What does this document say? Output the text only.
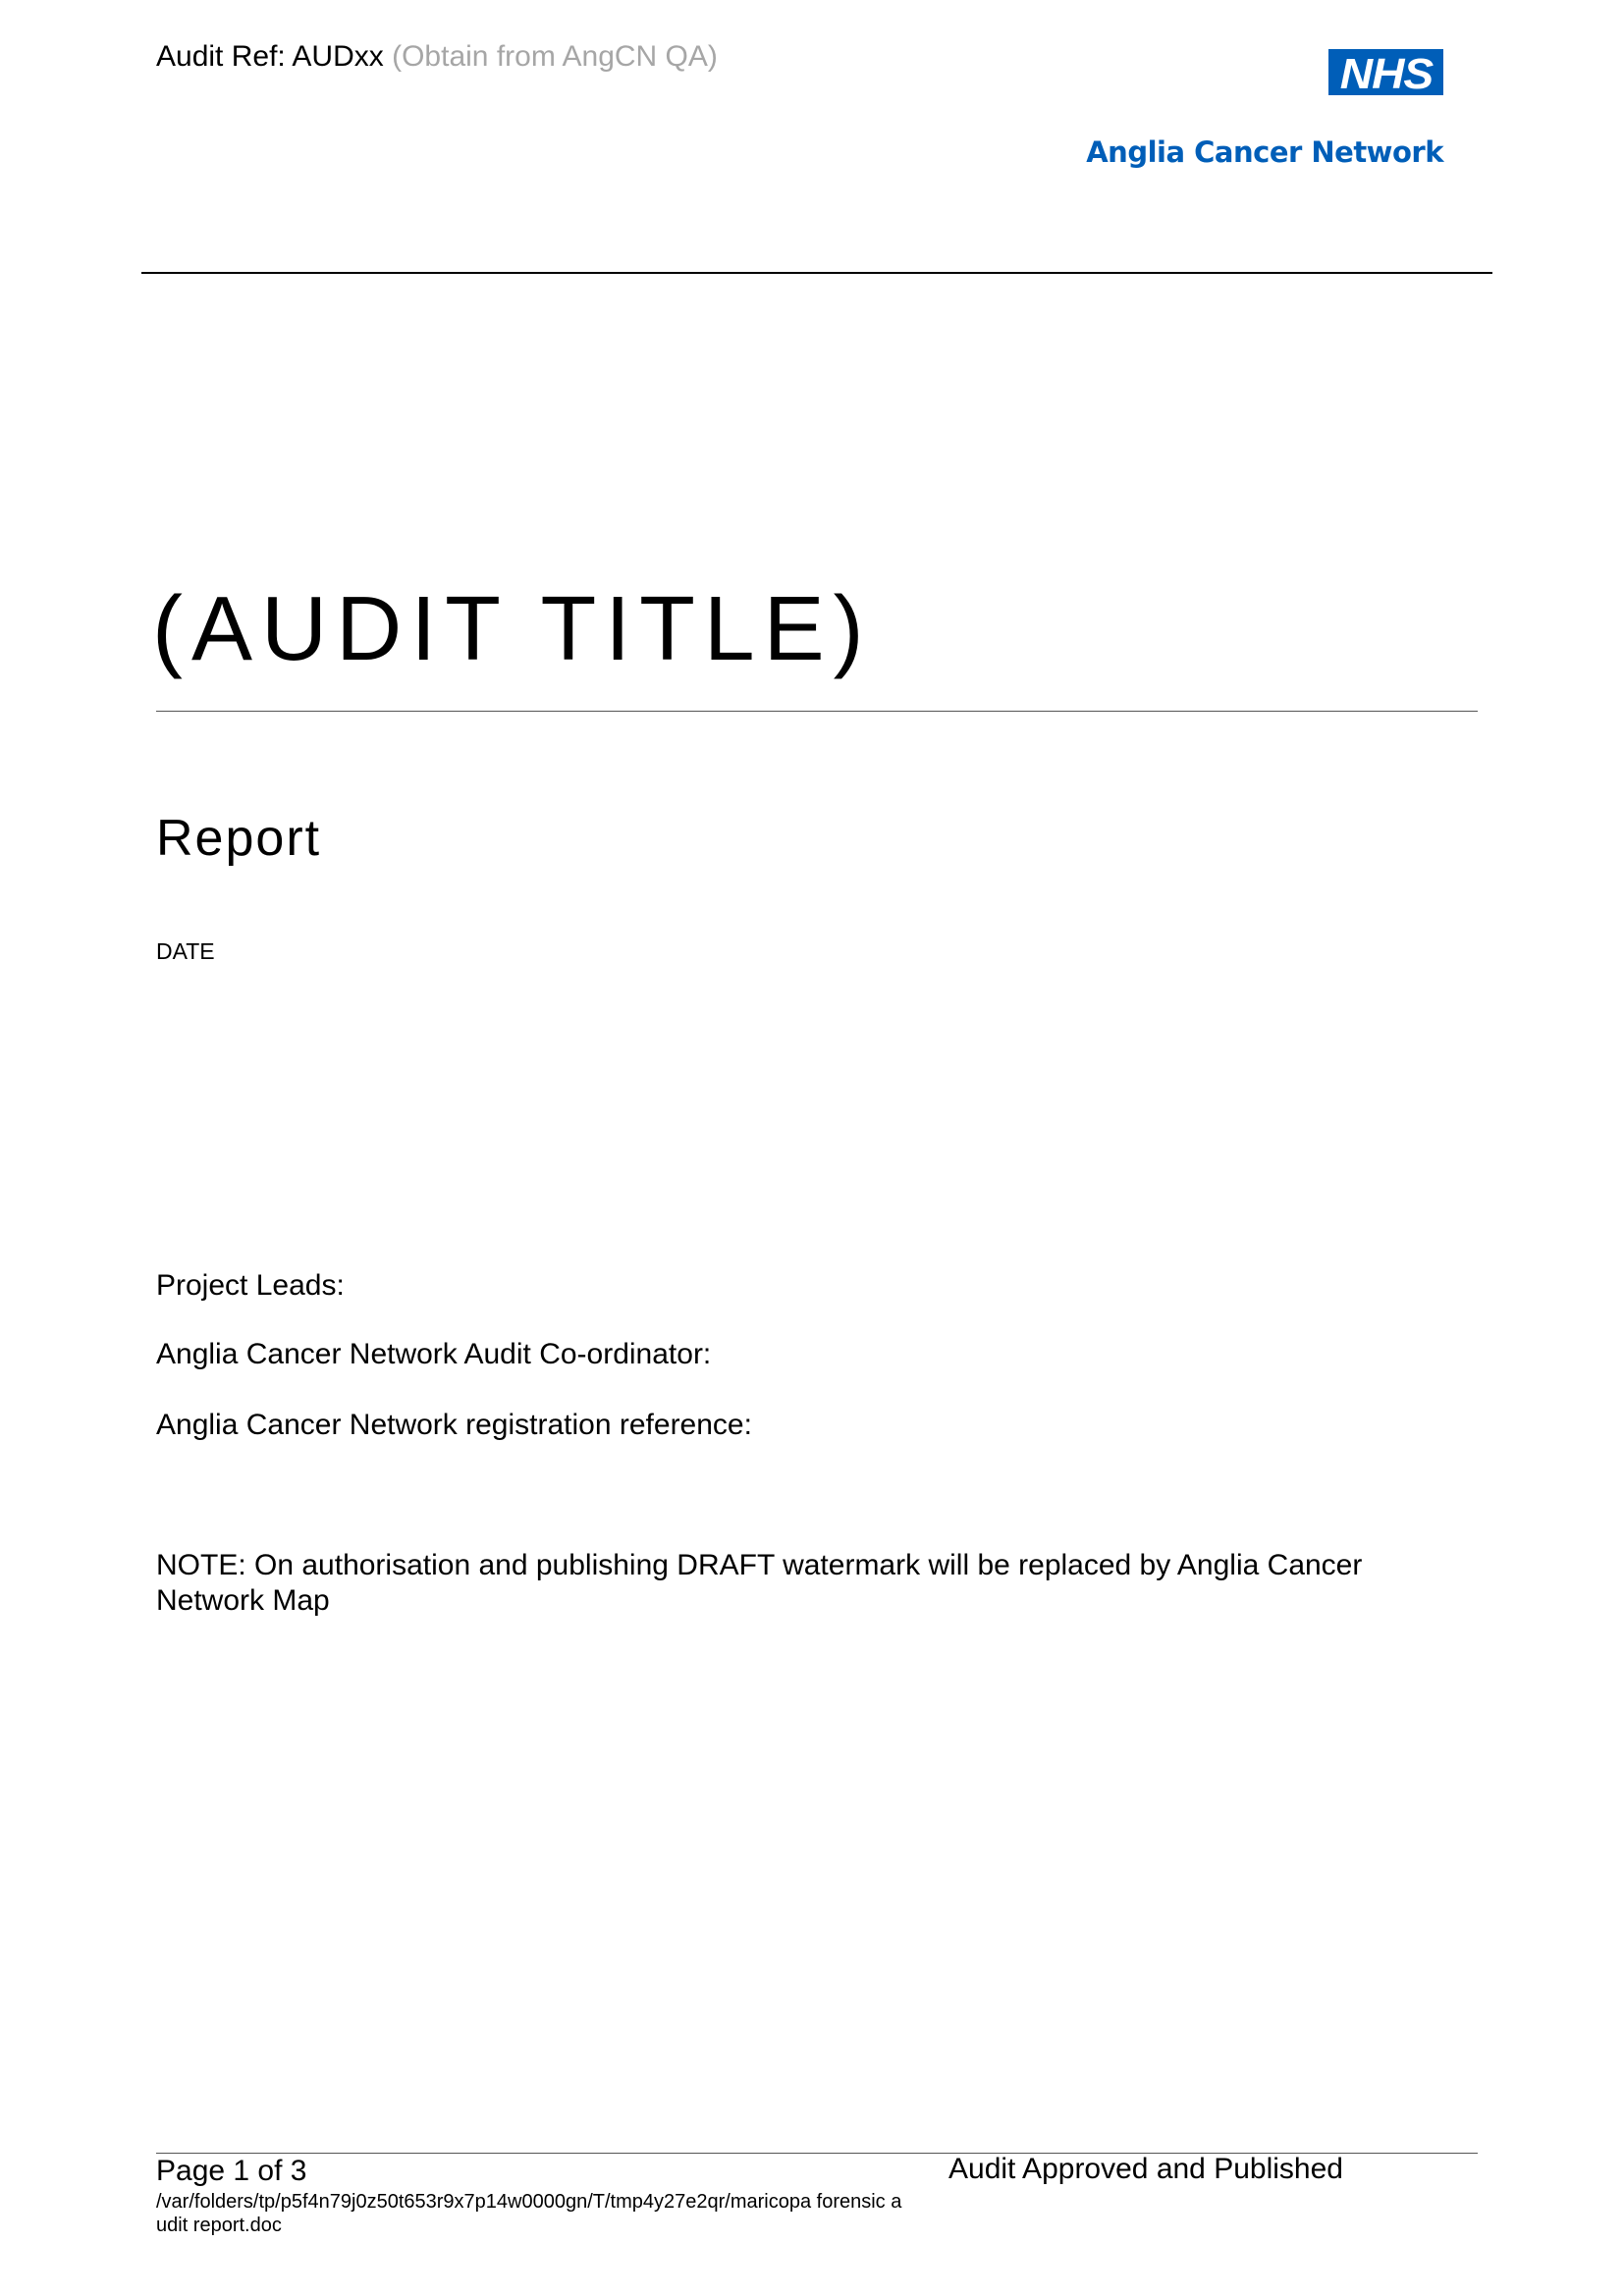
Audit Ref: AUDxx (Obtain from AngCN QA)	NHS
Anglia Cancer Network
(AUDIT TITLE)
Report
DATE
Project Leads:
Anglia Cancer Network Audit Co-ordinator:
Anglia Cancer Network registration reference:
NOTE: On authorisation and publishing DRAFT watermark will be replaced by Anglia Cancer Network Map
Page 1 of 3	Audit Approved and Published
/var/folders/tp/p5f4n79j0z50t653r9x7p14w0000gn/T/tmp4y27e2qr/maricopa forensic audit report.doc
